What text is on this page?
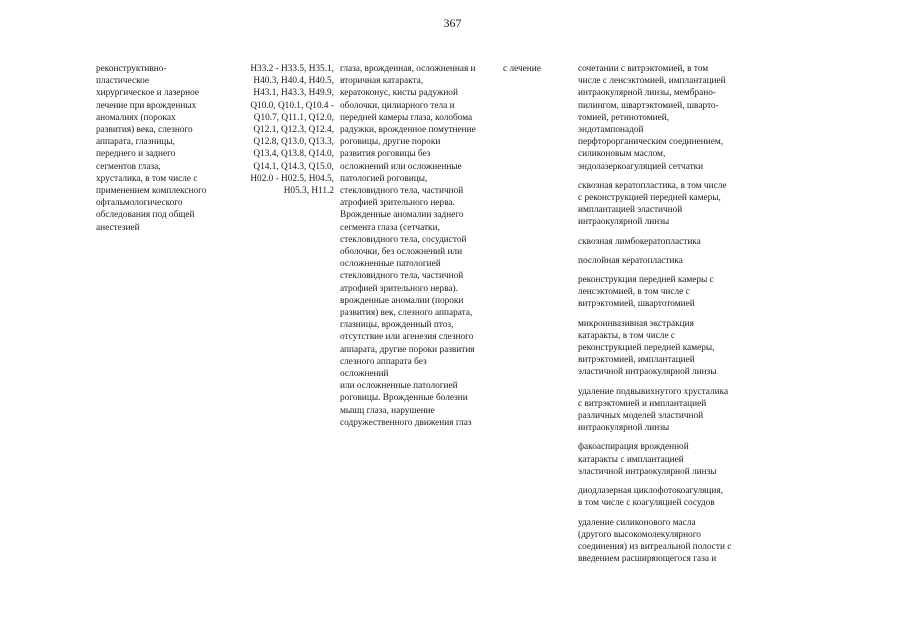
367
реконструктивно-
пластическое
хирургическое и лазерное
лечение при врожденных
аномалиях (пороках
развития) века, слезного
аппарата, глазницы,
переднего и заднего
сегментов глаза,
хрусталика, в том числе с
применением комплексного
офтальмологического
обследования под общей
анестезией
H33.2 - H33.5, H35.1,
H40.3, H40.4, H40.5,
H43.1, H43.3, H49.9,
Q10.0, Q10.1, Q10.4 -
Q10.7, Q11.1, Q12.0,
Q12.1, Q12.3, Q12.4,
Q12.8, Q13.0, Q13.3,
Q13.4, Q13.8, Q14.0,
Q14.1, Q14.3, Q15.0,
H02.0 - H02.5, H04.5,
H05.3, H11.2
глаза, врожденная, осложненная и
вторичная катаракта,
кератоконус, кисты радужной
оболочки, цилиарного тела и
передней камеры глаза, колобома
радужки, врожденное помутнение
роговицы, другие пороки
развития роговицы без
осложнений или осложненные
патологией роговицы,
стекловидного тела, частичной
атрофией зрительного нерва.
Врожденные аномалии заднего
сегмента глаза (сетчатки,
стекловидного тела, сосудистой
оболочки, без осложнений или
осложненные патологией
стекловидного тела, частичной
атрофией зрительного нерва).
врожденные аномалии (пороки
развития) век, слезного аппарата,
глазницы, врожденный птоз,
отсутствие или агенезия слезного
аппарата, другие пороки развития
слезного аппарата без
осложнений
или осложненные патологией
роговицы. Врожденные болезни
мышц глаза, нарушение
содружественного движения глаз
с лечение	сочетании с витрэктомией, в том
числе с ленсэктомией, имплантацией
интраокулярной линзы, мембрано-
пилингом, швартэктомией, шварто-
томией, ретинотомией,
эндотампонадой
перфторорганическим соединением,
силиконовым маслом,
эндолазеркоагуляцией сетчатки
сквозная кератопластика, в том числе
с реконструкцией передней камеры,
имплантацией эластичной
интраокулярной линзы
сквозная лимбокератопластика
послойная кератопластика
реконструкция передней камеры с
ленсэктомией, в том числе с
витрэктомией, швартотомией
микроинвазивная экстракция
катаракты, в том числе с
реконструкцией передней камеры,
витрэктомией, имплантацией
эластичной интраокулярной линзы
удаление подвывихнутого хрусталика
с витрэктомией и имплантацией
различных моделей эластичной
интраокулярной линзы
факоаспирация врожденной
катаракты с имплантацией
эластичной интраокулярной линзы
диодлазерная циклофотокоагуляция,
в том числе с коагуляцией сосудов
удаление силиконового масла
(другого высокомолекулярного
соединения) из витреальной полости с
введением расширяющегося газа и
